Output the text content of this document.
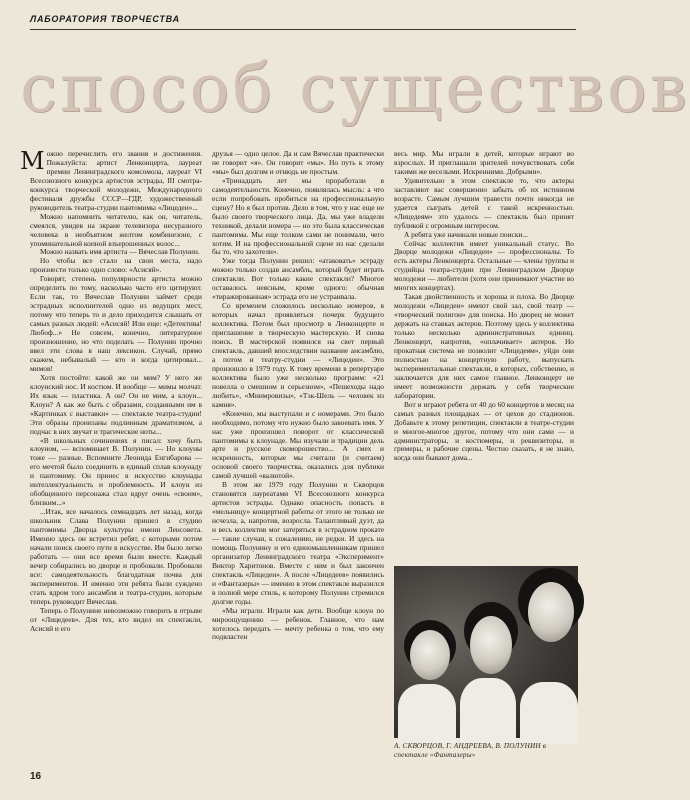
ЛАБОРАТОРИЯ ТВОРЧЕСТВА
способ существов
М ожно перечислить его звания и достижения. Пожалуйста: артист Ленконцерта, лауреат премии Ленинградского комсомола, лауреат VI Всесоюзного конкурса артистов эстрады, III смотра-конкурса творческой молодежи, Международного фестиваля дружбы СССР—ГДР, художественный руководитель театра-студии пантомимы «Лицедеи»...

Можно напомнить читателю, как он, читатель, смеялся, увидев на экране телевизора несуразного человека в необъятном желтом комбинезоне, с упоминательной копной взъерошенных волос...

Можно назвать имя артиста — Вячеслав Полунин.

Но чтобы все стало на свои места, надо произнести только одно слово: «Асисяй».

Говорят, степень популярности артиста можно определить по тому, насколько часто его цитируют. Если так, то Вячеслав Полунин займет среди эстрадных исполнителей одно из ведущих мест, потому что теперь то и дело приходится слышать от самых разных людей: «Асисяй! Или еще: «Детектива! Любоф...» Не совсем, конечно, литературное произношение, но что поделать — Полунин прочно ввел эти слова в наш лексикон. Случай, прямо скажем, небывалый — кто и когда цитировал... мимов!

Хотя постойте: какой же он мим? У него же клоунский нос. И костюм. И вообще — мимы молчат. Их язык — пластика. А он? Он не мим, а клоун... Клоун? А как же быть с образами, созданными им в «Картинках с выставки» — спектакле театра-студии! Эти образы пронизаны подлинным драматизмом, а подчас в них звучат и трагические ноты...

«В школьных сочинениях я писал: хочу быть клоуном, — вспоминает В. Полунин. — Но клоуны тоже — разные. Вспомните Леонида Енгибарова — его мечтой было соединить в единый сплав клоунаду и пантомиму. Он принес в искусство клоунады интеллектуальность и проблемность. И клоун из обобщенного персонажа стал вдруг очень «своим», близким...»

...Итак, все началось семнадцать лет назад, когда школьник Слава Полунин пришел в студию пантомимы Дворца культуры имени Ленсовета. Именно здесь он встретил ребят, с которыми потом начали поиск своего пути в искусстве. Им было легко работать — они все время были вместе. Каждый вечер собирались во дворце и пробовали. Пробовали все: самодеятельность благодатная почва для экспериментов. И именно эти ребята были суждено стать ядром того ансамбля и театра-студии, которым теперь руководит Вячеслав.

Теперь о Полунине невозможно говорить в отрыве от «Лицедеев». Для тех, кто видел их спектакли, Асисяй и его

друзья — одно целое. Да и сам Вячеслав практически не говорит «я». Он говорит «мы». Но путь к этому «мы» был долгим и отнюдь не простым.

«Тринадцать лет мы проработали в самодеятельности. Конечно, появлялась мысль: а что если попробовать пробиться на профессиональную сцену? Но я был против. Дело в том, что у нас еще не было своего творческого лица. Да, мы уже владели техникой, делали номера — но это была классическая пантомима. Мы еще толком сами не понимали, чего хотим. И на профессиональной сцене из нас сделали бы то, что захотели».

Уже тогда Полунин решил: «атаковать» эстраду можно только создав ансамбль, который будет играть спектакли. Вот только какие спектакли? Многое оставалось неясным, кроме одного: обычная «тиражированная» эстрада его не устраивала.

Со временем сложилось несколько номеров, в которых начал проявляться почерк будущего коллектива. Потом был просмотр в Ленконцерте и приглашение в творческую мастерскую. И снова поиск. В мастерской появился на свет первый спектакль, давший впоследствии название ансамблю, а потом и театру-студии — «Лицедеи». Это произошло в 1979 году. К тому времени в репертуаре коллектива было уже несколько программ: «21 новелла о смешном и серьезном», «Пешеходы надо любить», «Миимровизы», «Тэк-Шель — человек из камня».

«Конечно, мы выступали и с номерами. Это было необходимо, потому что нужно было завоевать имя. У нас уже произошел поворот от классической пантомимы к клоунаде. Мы изучали и традиции дель арте и русское скоморошество... А смех и искренность, которые мы считали (и считаем) основой своего творчества, оказались для публики самой лучшей «валютой».

В этом же 1979 году Полунин и Скворцов становятся лауреатами VI Всесоюзного конкурса артистов эстрады. Однако опасность попасть в «мельницу» концертной работы от этого не только не исчезла, а, напротив, возросла. Талантливый дуэт, да и весь коллектив мог затеряться в эстрадном прокате — такие случаи, к сожалению, не редки. И здесь на помощь Полунину и его единомышленникам пришел организатор Ленинградского театра «Эксперимент» Виктор Харитонов. Вместе с ним и был закончен спектакль «Лицедеи». А после «Лицедеев» появились и «Фантазеры» — именно в этом спектакле выразился в полной мере стиль, к которому Полунин стремился долгие годы.

«Мы играли. Играли как дети. Вообще клоун по мироощущению — ребенок. Главное, что нам хотелось передать — мечту ребенка о том, что ему подвластен

весь мир. Мы играли в детей, которые играют во взрослых. И приглашали зрителей почувствовать себя такими же веселыми. Искренними. Добрыми».

Удивительно в этом спектакле то, что актеры заставляют вас совершенно забыть об их истинном возрасте. Самым лучшим травести почти никогда не удается сыграть детей с такой искренностью. «Лицедеям» это удалось — спектакль был принят публикой с огромным интересом.

А ребята уже начинали новые поиски...

Сейчас коллектив имеет уникальный статус. Во Дворце молодежи «Лицедеи» — профессионалы. То есть актеры Ленконцерта. Остальные — члены труппы и студийцы театра-студии при Ленинградском Дворце молодежи — любители (хотя они принимают участие во многих концертах).

Такая двойственность и хороша и плоха. Во Дворце молодежи «Лицедеи» имеют свой зал, свой театр — «творческий полигон» для поиска. Но дворец не может держать на ставках актеров. Поэтому здесь у коллектива только несколько административных единиц. Ленконцерт, напротив, «оплачивает» актеров. Но прокатная система не позволит «Лицедеям», уйди они полностью на концертную работу, выпускать экспериментальные спектакли, в которых, собственно, и заключается для них самое главное. Ленконцерт не имеет возможности держать у себя творческие лаборатории.

Вот и играют ребята от 40 до 60 концертов в месяц на самых разных площадках — от цехов до стадионов. Добавьте к этому репетиции, спектакли в театре-студии и многое-многое другое, потому что они сами — и администраторы, и костюмеры, и реквизиторы, и гримеры, и рабочие сцены. Честно сказать, я не знаю, когда они бывают дома...

А. СКВОРЦОВ, Г. АНДРЕЕВА, В. ПОЛУНИН в спектакле «Фантазеры»
16
